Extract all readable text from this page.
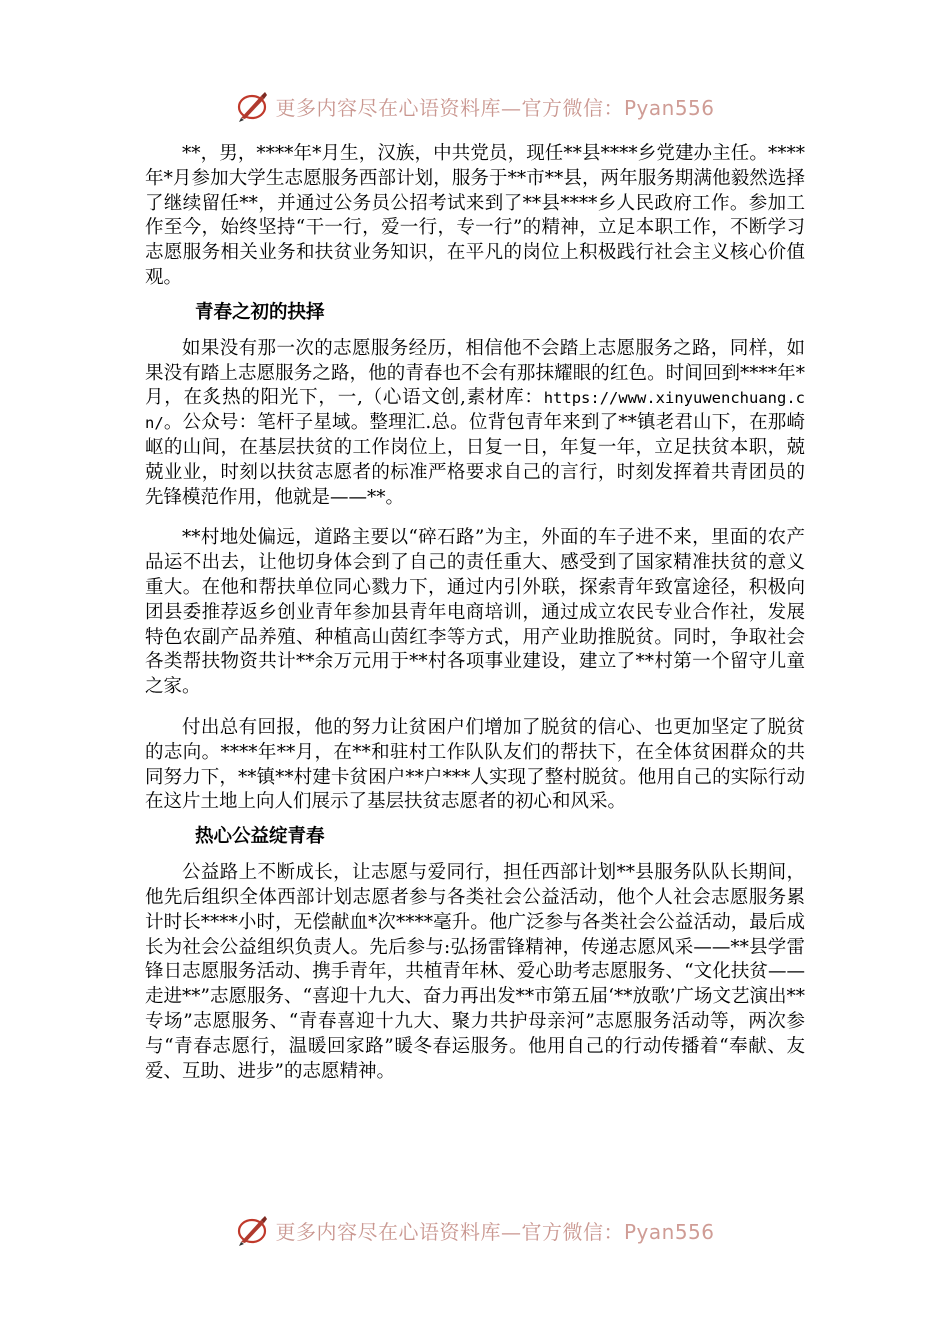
更多内容尽在心语资料库—官方微信：Pyan556

**，男，****年*月生，汉族，中共党员，现任**县****乡党建办主任。****年*月参加大学生志愿服务西部计划，服务于**市**县，两年服务期满他毅然选择了继续留任**，并通过公务员公招考试来到了**县****乡人民政府工作。参加工作至今，始终坚持“干一行，爱一行，专一行”的精神，立足本职工作，不断学习志愿服务相关业务和扶贫业务知识，在平凡的岗位上积极践行社会主义核心价值观。

青春之初的抉择

如果没有那一次的志愿服务经历，相信他不会踏上志愿服务之路，同样，如果没有踏上志愿服务之路，他的青春也不会有那抹耀眼的红色。时间回到****年*月，在炙热的阳光下，一,（心语文创,素材库：https://www.xinyuwenchuang.cn/。公众号：笔杆子星域。整理汇.总。位背包青年来到了**镇老君山下，在那崎岖的山间，在基层扶贫的工作岗位上，日复一日，年复一年，立足扶贫本职，兢兢业业，时刻以扶贫志愿者的标准严格要求自己的言行，时刻发挥着共青团员的先锋模范作用，他就是——**。

**村地处偏远，道路主要以“碎石路”为主，外面的车子进不来，里面的农产品运不出去，让他切身体会到了自己的责任重大、感受到了国家精准扶贫的意义重大。在他和帮扶单位同心戮力下，通过内引外联，探索青年致富途径，积极向团县委推荐返乡创业青年参加县青年电商培训，通过成立农民专业合作社，发展特色农副产品养殖、种植高山茵红李等方式，用产业助推脱贫。同时，争取社会各类帮扶物资共计**余万元用于**村各项事业建设，建立了**村第一个留守儿童之家。

付出总有回报，他的努力让贫困户们增加了脱贫的信心、也更加坚定了脱贫的志向。****年**月，在**和驻村工作队队友们的帮扶下，在全体贫困群众的共同努力下，**镇**村建卡贫困户**户***人实现了整村脱贫。他用自己的实际行动在这片土地上向人们展示了基层扶贫志愿者的初心和风采。

热心公益绽青春

公益路上不断成长，让志愿与爱同行，担任西部计划**县服务队队长期间，他先后组织全体西部计划志愿者参与各类社会公益活动，他个人社会志愿服务累计时长****小时，无偿献血*次****毫升。他广泛参与各类社会公益活动，最后成长为社会公益组织负责人。先后参与:弘扬雷锋精神，传递志愿风采——**县学雷锋日志愿服务活动、携手青年，共植青年林、爱心助考志愿服务、“文化扶贫——走进**”志愿服务、“喜迎十九大、奋力再出发**市第五届‘**放歌’广场文艺演出**专场”志愿服务、“青春喜迎十九大、聚力共护母亲河”志愿服务活动等，两次参与“青春志愿行，温暖回家路”暖冬春运服务。他用自己的行动传播着“奉献、友爱、互助、进步”的志愿精神。

更多内容尽在心语资料库—官方微信：Pyan556
